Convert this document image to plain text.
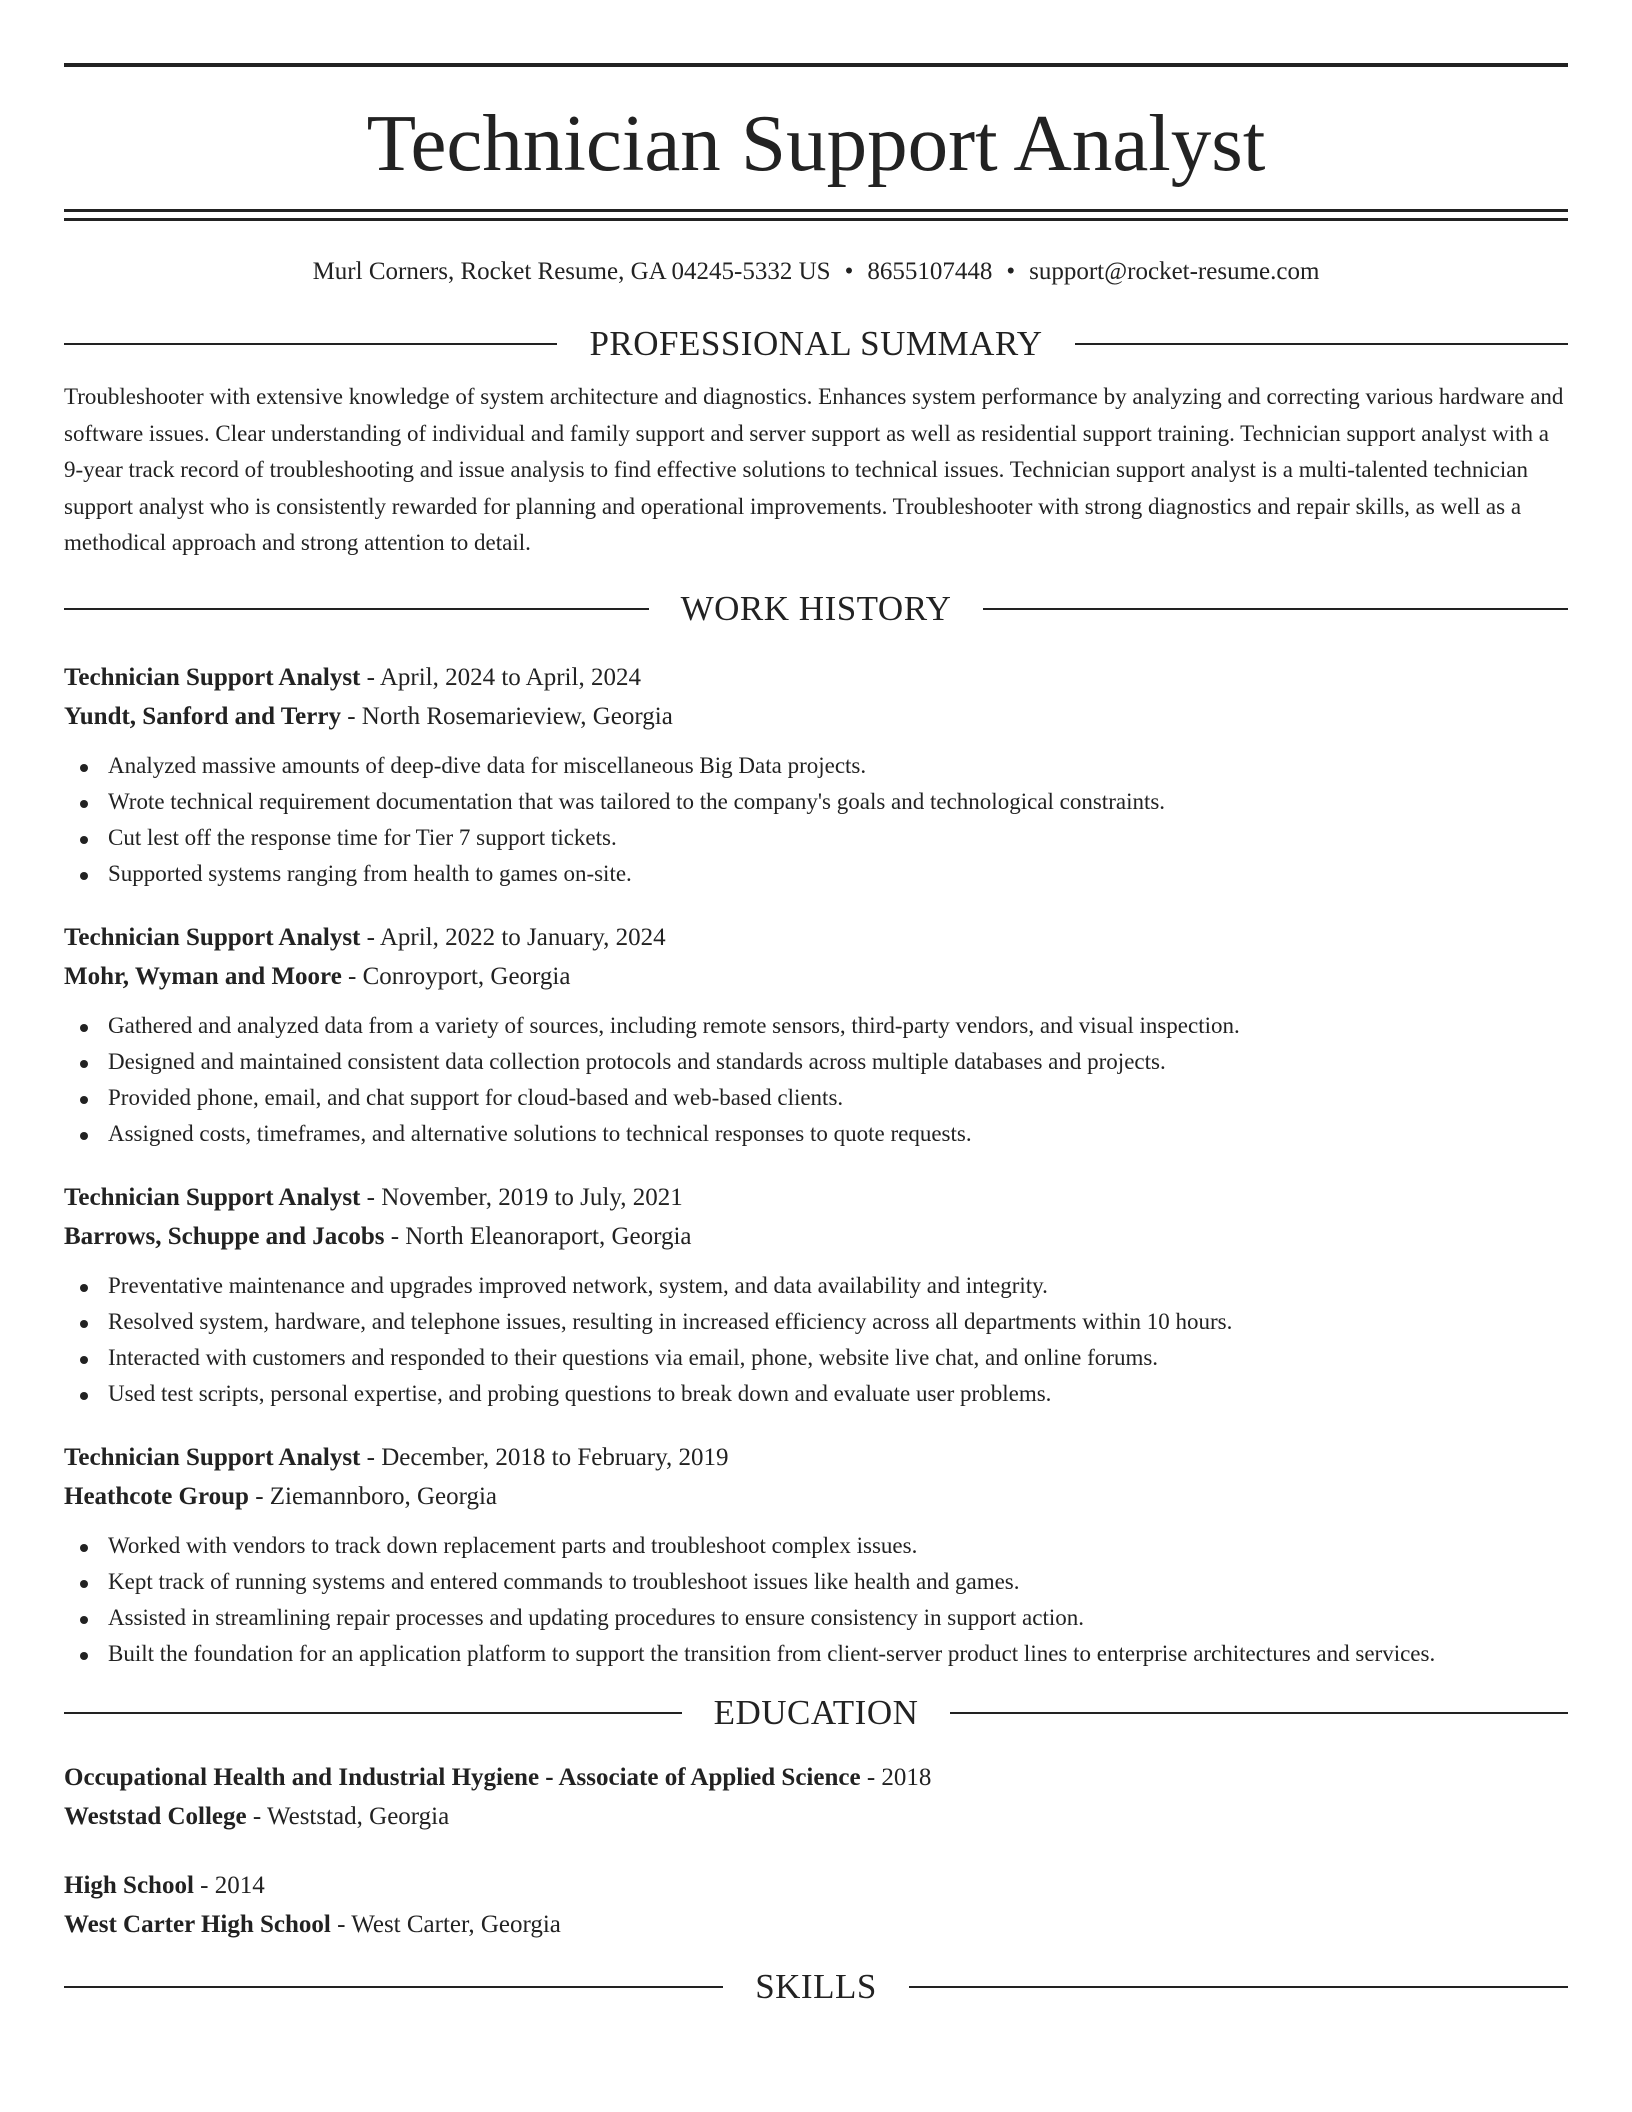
Technician Support Analyst
Murl Corners, Rocket Resume, GA 04245-5332 US • 8655107448 • support@rocket-resume.com
PROFESSIONAL SUMMARY
Troubleshooter with extensive knowledge of system architecture and diagnostics. Enhances system performance by analyzing and correcting various hardware and software issues. Clear understanding of individual and family support and server support as well as residential support training. Technician support analyst with a 9-year track record of troubleshooting and issue analysis to find effective solutions to technical issues. Technician support analyst is a multi-talented technician support analyst who is consistently rewarded for planning and operational improvements. Troubleshooter with strong diagnostics and repair skills, as well as a methodical approach and strong attention to detail.
WORK HISTORY
Technician Support Analyst - April, 2024 to April, 2024
Yundt, Sanford and Terry - North Rosemarieview, Georgia
Analyzed massive amounts of deep-dive data for miscellaneous Big Data projects.
Wrote technical requirement documentation that was tailored to the company's goals and technological constraints.
Cut lest off the response time for Tier 7 support tickets.
Supported systems ranging from health to games on-site.
Technician Support Analyst - April, 2022 to January, 2024
Mohr, Wyman and Moore - Conroyport, Georgia
Gathered and analyzed data from a variety of sources, including remote sensors, third-party vendors, and visual inspection.
Designed and maintained consistent data collection protocols and standards across multiple databases and projects.
Provided phone, email, and chat support for cloud-based and web-based clients.
Assigned costs, timeframes, and alternative solutions to technical responses to quote requests.
Technician Support Analyst - November, 2019 to July, 2021
Barrows, Schuppe and Jacobs - North Eleanoraport, Georgia
Preventative maintenance and upgrades improved network, system, and data availability and integrity.
Resolved system, hardware, and telephone issues, resulting in increased efficiency across all departments within 10 hours.
Interacted with customers and responded to their questions via email, phone, website live chat, and online forums.
Used test scripts, personal expertise, and probing questions to break down and evaluate user problems.
Technician Support Analyst - December, 2018 to February, 2019
Heathcote Group - Ziemannboro, Georgia
Worked with vendors to track down replacement parts and troubleshoot complex issues.
Kept track of running systems and entered commands to troubleshoot issues like health and games.
Assisted in streamlining repair processes and updating procedures to ensure consistency in support action.
Built the foundation for an application platform to support the transition from client-server product lines to enterprise architectures and services.
EDUCATION
Occupational Health and Industrial Hygiene - Associate of Applied Science - 2018
Weststad College - Weststad, Georgia
High School - 2014
West Carter High School - West Carter, Georgia
SKILLS
